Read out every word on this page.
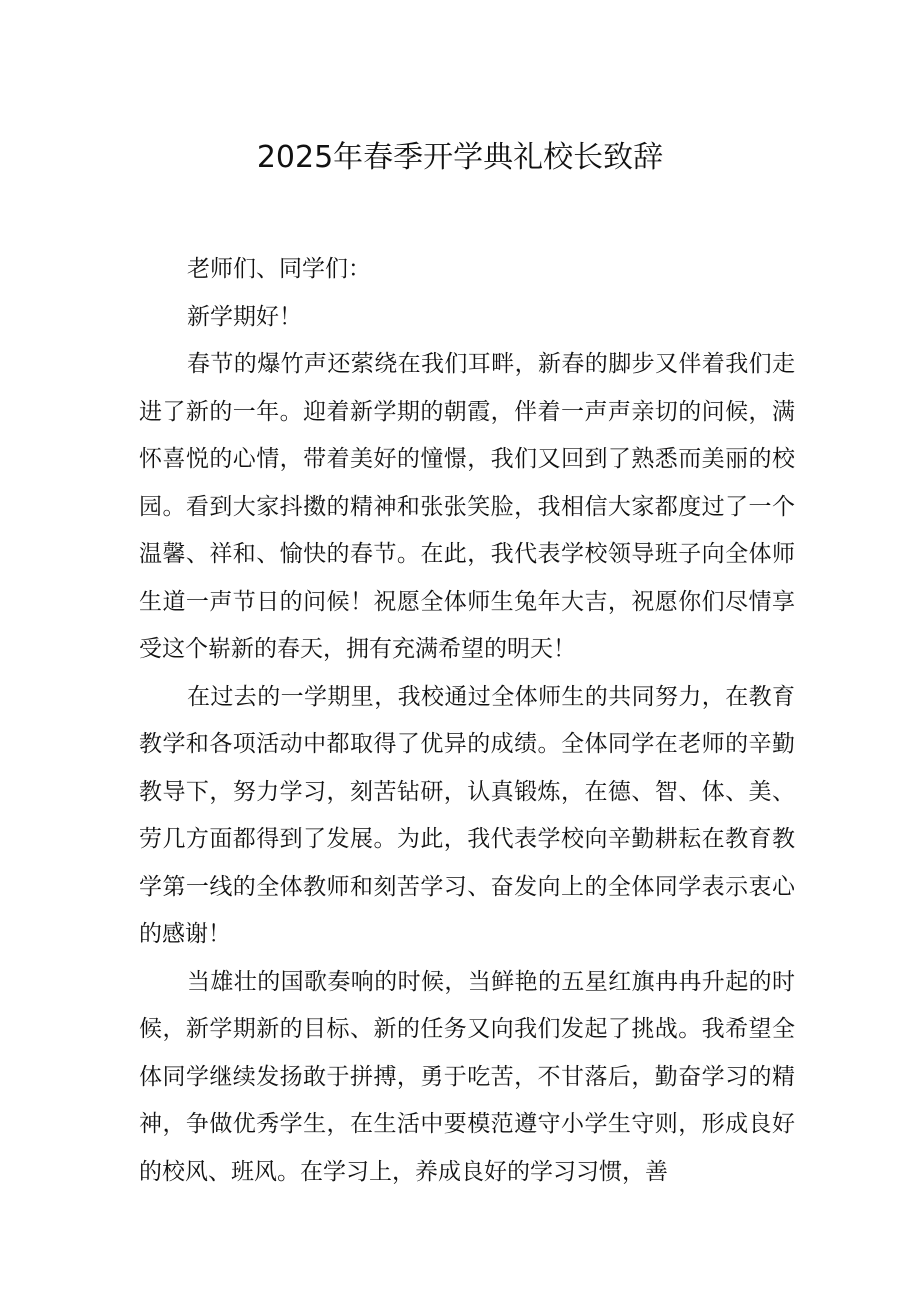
2025年春季开学典礼校长致辞

老师们、同学们：

新学期好！

春节的爆竹声还萦绕在我们耳畔，新春的脚步又伴着我们走进了新的一年。迎着新学期的朝霞，伴着一声声亲切的问候，满怀喜悦的心情，带着美好的憧憬，我们又回到了熟悉而美丽的校园。看到大家抖擞的精神和张张笑脸，我相信大家都度过了一个温馨、祥和、愉快的春节。在此，我代表学校领导班子向全体师生道一声节日的问候！祝愿全体师生兔年大吉，祝愿你们尽情享受这个崭新的春天，拥有充满希望的明天！

在过去的一学期里，我校通过全体师生的共同努力，在教育教学和各项活动中都取得了优异的成绩。全体同学在老师的辛勤教导下，努力学习，刻苦钻研，认真锻炼，在德、智、体、美、劳几方面都得到了发展。为此，我代表学校向辛勤耕耘在教育教学第一线的全体教师和刻苦学习、奋发向上的全体同学表示衷心的感谢！

当雄壮的国歌奏响的时候，当鲜艳的五星红旗冉冉升起的时候，新学期新的目标、新的任务又向我们发起了挑战。我希望全体同学继续发扬敢于拼搏，勇于吃苦，不甘落后，勤奋学习的精神，争做优秀学生，在生活中要模范遵守小学生守则，形成良好的校风、班风。在学习上，养成良好的学习习惯，善
